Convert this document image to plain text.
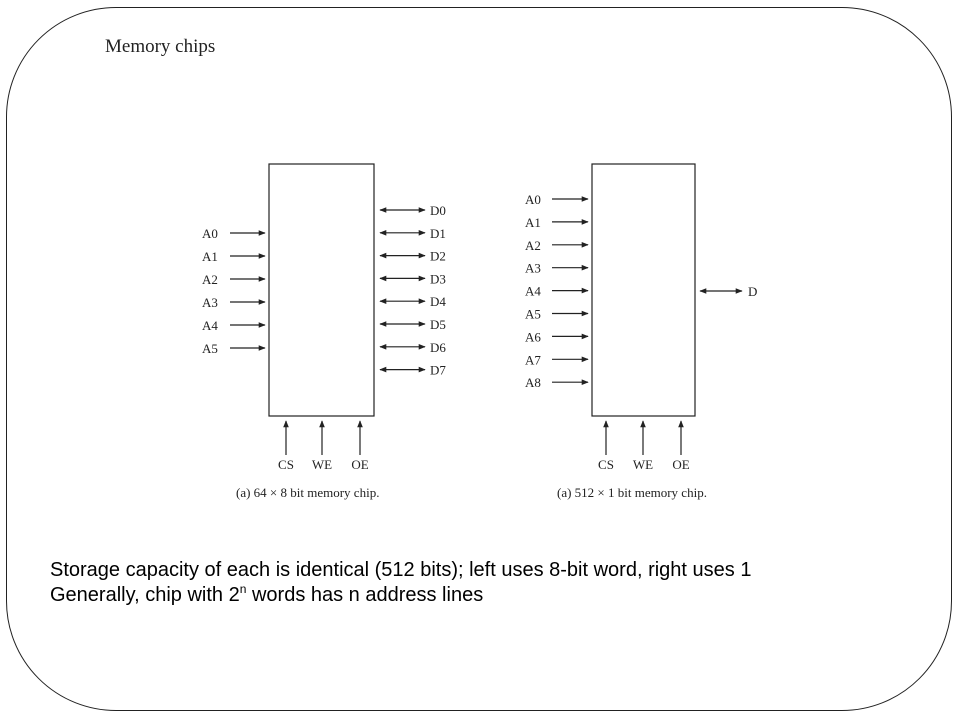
Memory chips
A0
A1
A2
A3
A4
A5
D0
D1
D2
D3
D4
D5
D6
D7
CS WE OE
(a) 64 × 8 bit memory chip.
A0
A1
A2
A3
A4
A5
A6
A7
A8
D
CS WE OE
(a) 512 × 1 bit memory chip.

Storage capacity of each is identical (512 bits); left uses 8-bit word, right uses 1

Generally, chip with 2$^n$ words has n address lines
